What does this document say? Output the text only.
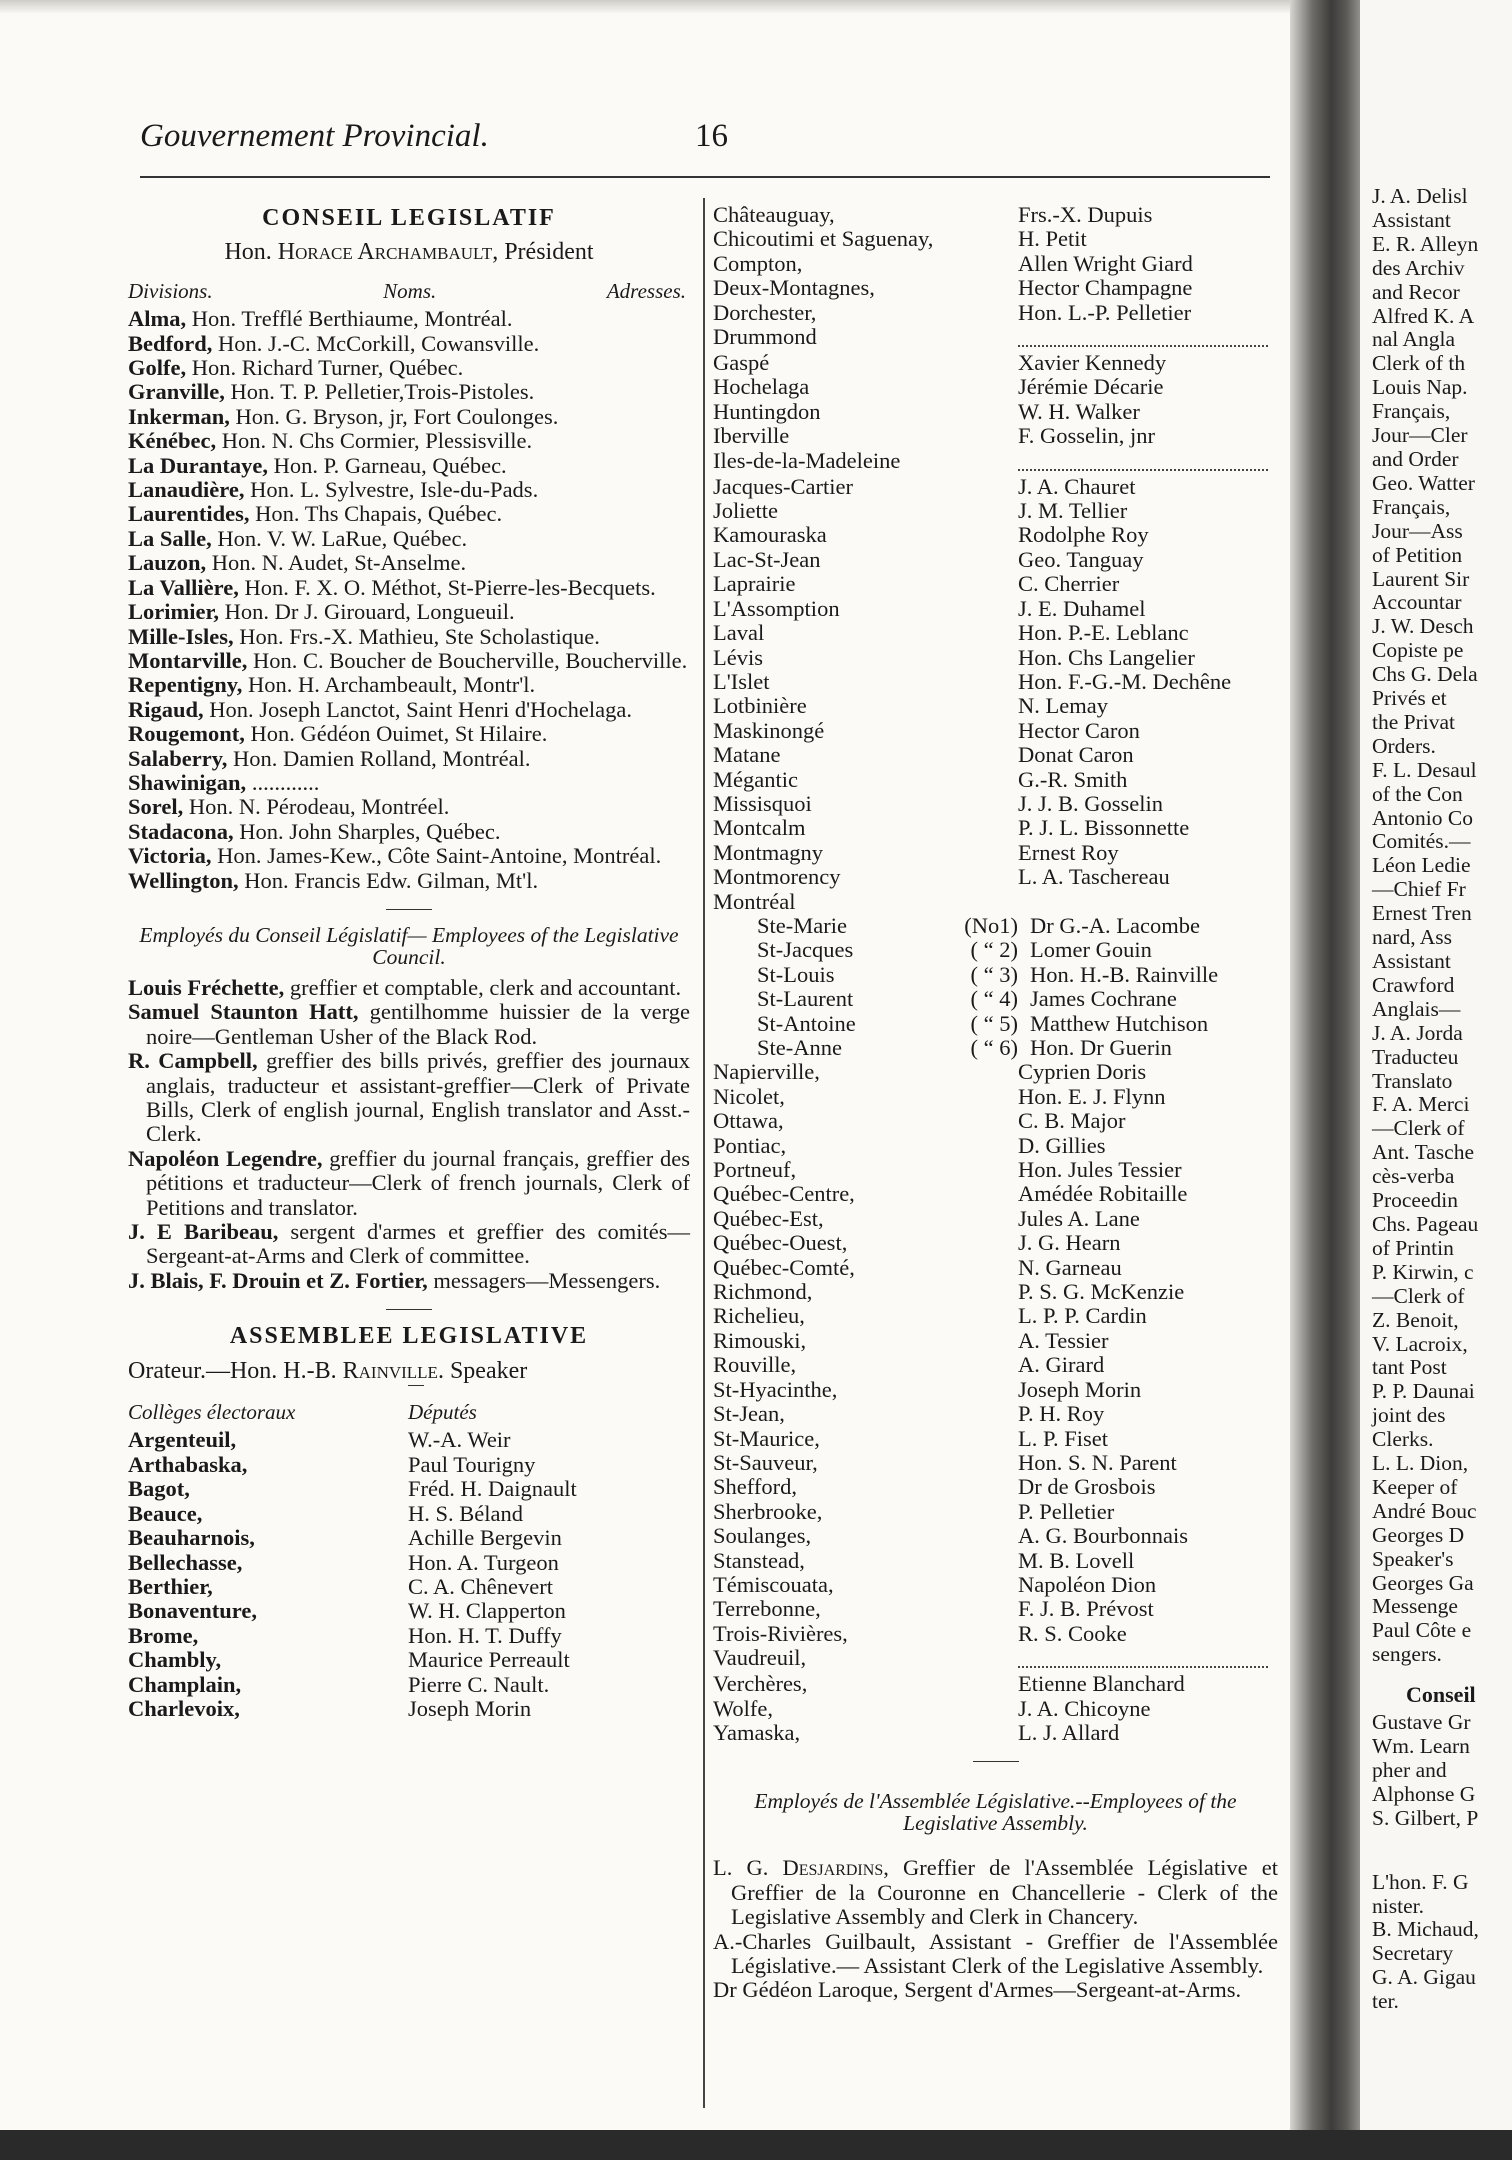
Gouvernement Provincial.	16
CONSEIL LEGISLATIF
Hon. Horace Archambault, Président
Divisions.	Noms.	Adresses.

Alma, Hon. Trefflé Berthiaume, Montréal.

Bedford, Hon. J.-C. McCorkill, Cowansville.

Golfe, Hon. Richard Turner, Québec.

Granville, Hon. T. P. Pelletier,Trois-Pistoles.

Inkerman, Hon. G. Bryson, jr, Fort Coulonges.

Kénébec, Hon. N. Chs Cormier, Plessisville.

La Durantaye, Hon. P. Garneau, Québec.

Lanaudière, Hon. L. Sylvestre, Isle-du-Pads.

Laurentides, Hon. Ths Chapais, Québec.

La Salle, Hon. V. W. LaRue, Québec.

Lauzon, Hon. N. Audet, St-Anselme.

La Vallière, Hon. F. X. O. Méthot, St-Pierre-les-Becquets.

Lorimier, Hon. Dr J. Girouard, Longueuil.

Mille-Isles, Hon. Frs.-X. Mathieu, Ste Scholastique.

Montarville, Hon. C. Boucher de Boucherville, Boucherville.

Repentigny, Hon. H. Archambeault, Montr'l.

Rigaud, Hon. Joseph Lanctot, Saint Henri d'Hochelaga.

Rougemont, Hon. Gédéon Ouimet, St Hilaire.

Salaberry, Hon. Damien Rolland, Montréal.

Shawinigan, ............

Sorel, Hon. N. Pérodeau, Montréel.

Stadacona, Hon. John Sharples, Québec.

Victoria, Hon. James-Kew., Côte Saint-Antoine, Montréal.

Wellington, Hon. Francis Edw. Gilman, Mt'l.

Employés du Conseil Législatif— Employees of the Legislative Council.

Louis Fréchette, greffier et comptable, clerk and accountant.

Samuel Staunton Hatt, gentilhomme huissier de la verge noire—Gentleman Usher of the Black Rod.

R. Campbell, greffier des bills privés, greffier des journaux anglais, traducteur et assistant-greffier—Clerk of Private Bills, Clerk of english journal, English translator and Asst.-Clerk.

Napoléon Legendre, greffier du journal français, greffier des pétitions et traducteur—Clerk of french journals, Clerk of Petitions and translator.

J. E Baribeau, sergent d'armes et greffier des comités—Sergeant-at-Arms and Clerk of committee.

J. Blais, F. Drouin et Z. Fortier, messagers—Messengers.

ASSEMBLEE LEGISLATIVE
Orateur.—Hon. H.-B. Rainville. Speaker
Collèges électoraux	Députés
Argenteuil,	W.-A. Weir
Arthabaska,	Paul Tourigny
Bagot,	Fréd. H. Daignault
Beauce,	H. S. Béland
Beauharnois,	Achille Bergevin
Bellechasse,	Hon. A. Turgeon
Berthier,	C. A. Chênevert
Bonaventure,	W. H. Clapperton
Brome,	Hon. H. T. Duffy
Chambly,	Maurice Perreault
Champlain,	Pierre C. Nault.
Charlevoix,	Joseph Morin
Châteauguay,	Frs.-X. Dupuis
Chicoutimi et Saguenay,	H. Petit
Compton,	Allen Wright Giard
Deux-Montagnes,	Hector Champagne
Dorchester,	Hon. L.-P. Pelletier
Drummond
Gaspé	Xavier Kennedy
Hochelaga	Jérémie Décarie
Huntingdon	W. H. Walker
Iberville	F. Gosselin, jnr
Iles-de-la-Madeleine
Jacques-Cartier	J. A. Chauret
Joliette	J. M. Tellier
Kamouraska	Rodolphe Roy
Lac-St-Jean	Geo. Tanguay
Laprairie	C. Cherrier
L'Assomption	J. E. Duhamel
Laval	Hon. P.-E. Leblanc
Lévis	Hon. Chs Langelier
L'Islet	Hon. F.-G.-M. Dechêne
Lotbinière	N. Lemay
Maskinongé	Hector Caron
Matane	Donat Caron
Mégantic	G.-R. Smith
Missisquoi	J. J. B. Gosselin
Montcalm	P. J. L. Bissonnette
Montmagny	Ernest Roy
Montmorency	L. A. Taschereau
Montréal
Ste-Marie	(No1) Dr G.-A. Lacombe
St-Jacques	( “ 2) Lomer Gouin
St-Louis	( “ 3) Hon. H.-B. Rainville
St-Laurent	( “ 4) James Cochrane
St-Antoine	( “ 5) Matthew Hutchison
Ste-Anne	( “ 6) Hon. Dr Guerin
Napierville,	Cyprien Doris
Nicolet,	Hon. E. J. Flynn
Ottawa,	C. B. Major
Pontiac,	D. Gillies
Portneuf,	Hon. Jules Tessier
Québec-Centre,	Amédée Robitaille
Québec-Est,	Jules A. Lane
Québec-Ouest,	J. G. Hearn
Québec-Comté,	N. Garneau
Richmond,	P. S. G. McKenzie
Richelieu,	L. P. P. Cardin
Rimouski,	A. Tessier
Rouville,	A. Girard
St-Hyacinthe,	Joseph Morin
St-Jean,	P. H. Roy
St-Maurice,	L. P. Fiset
St-Sauveur,	Hon. S. N. Parent
Shefford,	Dr de Grosbois
Sherbrooke,	P. Pelletier
Soulanges,	A. G. Bourbonnais
Stanstead,	M. B. Lovell
Témiscouata,	Napoléon Dion
Terrebonne,	F. J. B. Prévost
Trois-Rivières,	R. S. Cooke
Vaudreuil,
Verchères,	Etienne Blanchard
Wolfe,	J. A. Chicoyne
Yamaska,	L. J. Allard
Employés de l'Assemblée Législative.--Employees of the Legislative Assembly.

L. G. Desjardins, Greffier de l'Assemblée Législative et Greffier de la Couronne en Chancellerie - Clerk of the Legislative Assembly and Clerk in Chancery.

A.-Charles Guilbault, Assistant - Greffier de l'Assemblée Législative.— Assistant Clerk of the Legislative Assembly.

Dr Gédéon Laroque, Sergent d'Armes—Sergeant-at-Arms.

J. A. Delisl
Assistant
E. R. Alleyn
des Archiv
and Recor
Alfred K. A
nal Angla
Clerk of th
Louis Nap.
Français,
Jour—Cler
and Order
Geo. Watter
Français,
Jour—Ass
of Petition
Laurent Sir
Accountar
J. W. Desch
Copiste pe
Chs G. Dela
Privés et
the Privat
Orders.
F. L. Desaul
of the Con
Antonio Co
Comités.—
Léon Ledie
—Chief Fr
Ernest Tren
nard, Ass
Assistant
Crawford
Anglais—
J. A. Jorda
Traducteu
Translato
F. A. Merci
—Clerk of
Ant. Tasche
cès-verba
Proceedin
Chs. Pageau
of Printin
P. Kirwin, c
—Clerk of
Z. Benoit,
V. Lacroix,
tant Post
P. P. Daunai
joint des
Clerks.
L. L. Dion,
Keeper of
André Bouc
Georges D
Speaker's
Georges Ga
Messenge
Paul Côte e
sengers.
Conseil
Gustave Gr
Wm. Learn
pher and
Alphonse G
S. Gilbert, P
L'hon. F. G
nister.
B. Michaud,
Secretary
G. A. Gigau
ter.
